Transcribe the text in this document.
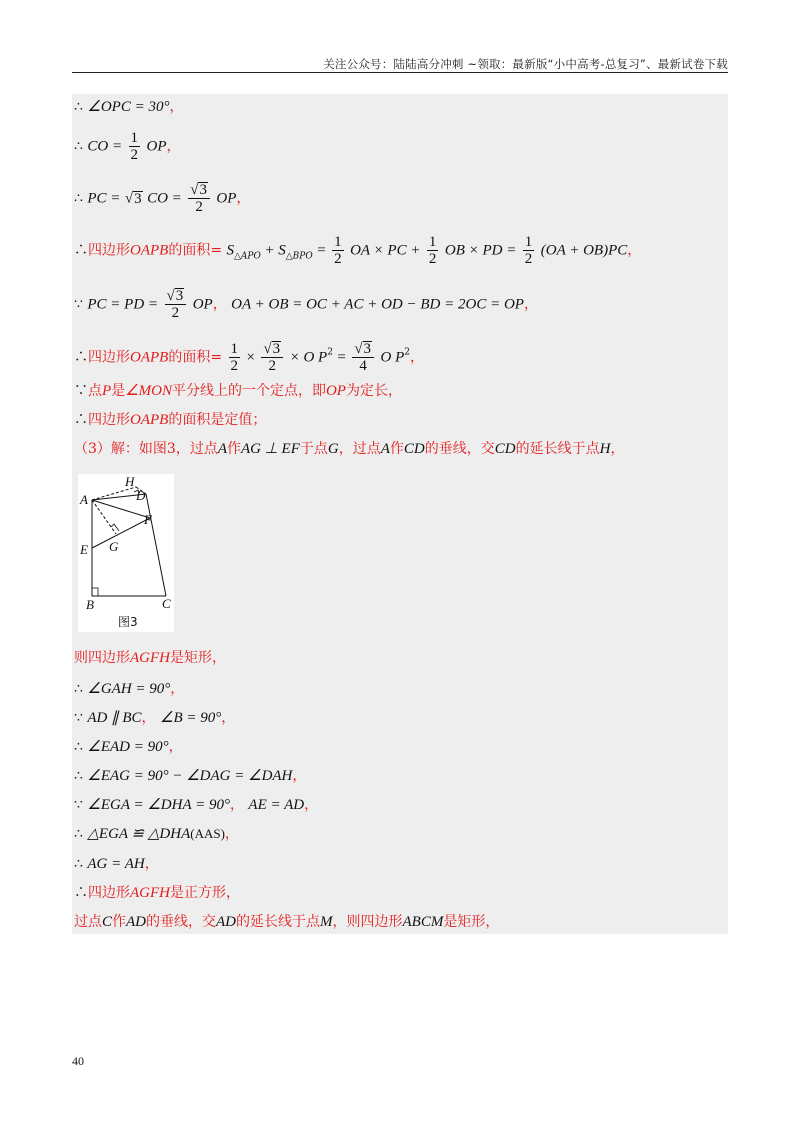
关注公众号：陆陆高分冲刺 ~领取：最新版“小中高考-总复习”、最新试卷下载
∴ ∠OPC = 30°，
∴ CO = $\frac{1}{2}$ OP，
∴ PC = √3 CO = $\frac{√3}{2}$ OP，
∴四边形OAPB的面积= $S_{\triangle APO} + S_{\triangle BPO} = \frac{1}{2}$ OA × PC + $\frac{1}{2}$ OB × PD = $\frac{1}{2} (OA + OB)PC$，
∵ PC = PD = $\frac{√3}{2}$ OP， OA + OB = OC + AC + OD − BD = 2OC = OP，
∴四边形OAPB的面积= $\frac{1}{2} \times \frac{√3}{2} \times O$ $P^2 = \frac{√3}{4}$ O $P^2$，
∵点P是∠MON平分线上的一个定点，即OP为定长，
∴四边形OAPB的面积是定值；
（3）解：如图3，过点A作AG ⊥ EF于点G，过点A作CD的垂线，交CD的延长线于点H，
A
H
D
F
G
E
B	C
图3
则四边形AGFH是矩形，
∴ ∠GAH = 90°，
∵ AD ∥ BC， ∠B = 90°，
∴ ∠EAD = 90°，
∴ ∠EAG = 90° − ∠DAG = ∠DAH，
∵ ∠EGA = ∠DHA = 90°， AE = AD，
∴ △EGA ≌ △DHA(AAS)，
∴ AG = AH，
∴四边形AGFH是正方形，
过点C作AD的垂线，交AD的延长线于点M，则四边形ABCM是矩形，
40
